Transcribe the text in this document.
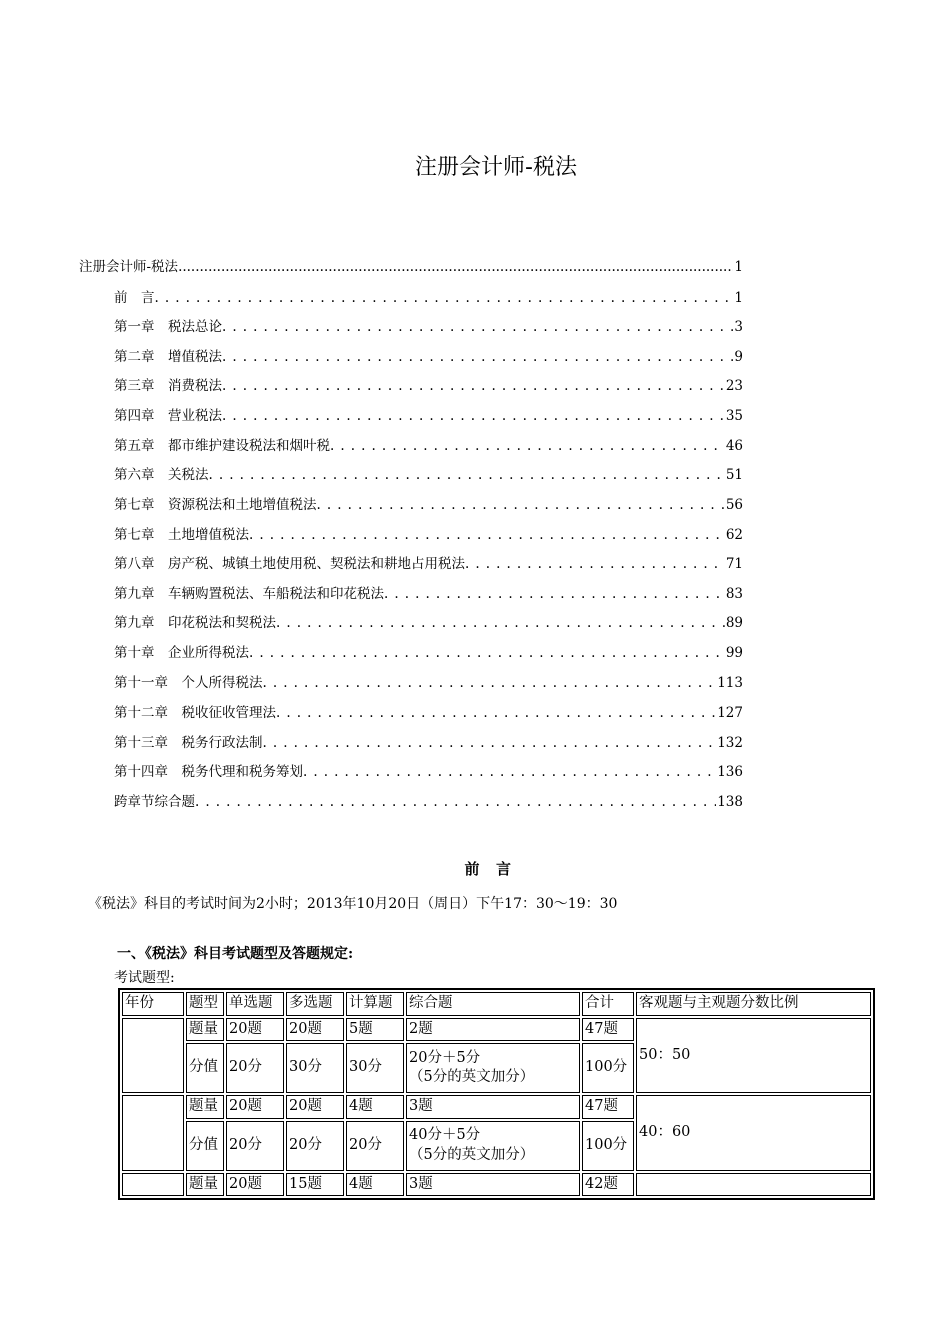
注册会计师-税法
注册会计师-税法 .....	1
前　言 .....	1
第一章　税法总论 .....	3
第二章　增值税法 .....	9
第三章　消费税法 .....	23
第四章　营业税法 .....	35
第五章　都市维护建设税法和烟叶税 .....	46
第六章　关税法 .....	51
第七章　资源税法和土地增值税法 .....	56
第七章　土地增值税法 .....	62
第八章　房产税、城镇土地使用税、契税法和耕地占用税法 .....	71
第九章　车辆购置税法、车船税法和印花税法 .....	83
第九章　印花税法和契税法 .....	89
第十章　企业所得税法 .....	99
第十一章　个人所得税法 .....	113
第十二章　税收征收管理法 .....	127
第十三章　税务行政法制 .....	132
第十四章　税务代理和税务筹划 .....	136
跨章节综合题 .....	138
前言
《税法》科目的考试时间为2小时；2013年10月20日（周日）下午17：30～19：30
一、《税法》科目考试题型及答题规定:
考试题型:
年份	题型	单选题	多选题	计算题	综合题	合计	客观题与主观题分数比例
	题量	20题	20题	5题	2题	47题	50：50
	分值	20分	30分	30分	20分＋5分
（5分的英文加分）	100分	
	题量	20题	20题	4题	3题	47题	40：60
	分值	20分	20分	20分	40分＋5分
（5分的英文加分）	100分	
	题量	20题	15题	4题	3题	42题	
